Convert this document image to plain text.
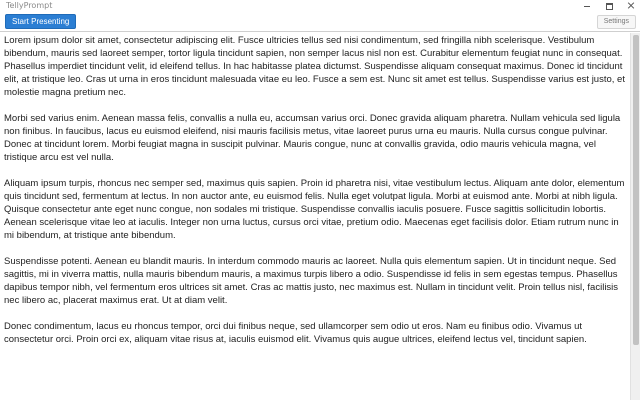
TellyPrompt
Start Presenting	Settings

Lorem ipsum dolor sit amet, consectetur adipiscing elit. Fusce ultricies tellus sed nisi condimentum, sed fringilla nibh scelerisque. Vestibulum bibendum, mauris sed laoreet semper, tortor ligula tincidunt sapien, non semper lacus nisl non est. Curabitur elementum feugiat nunc in consequat. Phasellus imperdiet tincidunt velit, id eleifend tellus. In hac habitasse platea dictumst. Suspendisse aliquam consequat maximus. Donec id tincidunt elit, at tristique leo. Cras ut urna in eros tincidunt malesuada vitae eu leo. Fusce a sem est. Nunc sit amet est tellus. Suspendisse varius est justo, et molestie magna pretium nec.

Morbi sed varius enim. Aenean massa felis, convallis a nulla eu, accumsan varius orci. Donec gravida aliquam pharetra. Nullam vehicula sed ligula non finibus. In faucibus, lacus eu euismod eleifend, nisi mauris facilisis metus, vitae laoreet purus urna eu mauris. Nulla cursus congue pulvinar. Donec at tincidunt lorem. Morbi feugiat magna in suscipit pulvinar. Mauris congue, nunc at convallis gravida, odio mauris vehicula magna, vel tristique arcu est vel nulla.

Aliquam ipsum turpis, rhoncus nec semper sed, maximus quis sapien. Proin id pharetra nisi, vitae vestibulum lectus. Aliquam ante dolor, elementum quis tincidunt sed, fermentum at lectus. In non auctor ante, eu euismod felis. Nulla eget volutpat ligula. Morbi at euismod ante. Morbi at nibh ligula. Quisque consectetur ante eget nunc congue, non sodales mi tristique. Suspendisse convallis iaculis posuere. Fusce sagittis sollicitudin lobortis. Aenean scelerisque vitae leo at iaculis. Integer non urna luctus, cursus orci vitae, pretium odio. Maecenas eget facilisis dolor. Etiam rutrum nunc in mi bibendum, at tristique ante bibendum.

Suspendisse potenti. Aenean eu blandit mauris. In interdum commodo mauris ac laoreet. Nulla quis elementum sapien. Ut in tincidunt neque. Sed sagittis, mi in viverra mattis, nulla mauris bibendum mauris, a maximus turpis libero a odio. Suspendisse id felis in sem egestas tempus. Phasellus dapibus tempor nibh, vel fermentum eros ultrices sit amet. Cras ac mattis justo, nec maximus est. Nullam in tincidunt velit. Proin tellus nisl, facilisis nec libero ac, placerat maximus erat. Ut at diam velit.

Donec condimentum, lacus eu rhoncus tempor, orci dui finibus neque, sed ullamcorper sem odio ut eros. Nam eu finibus odio. Vivamus ut consectetur orci. Proin orci ex, aliquam vitae risus at, iaculis euismod elit. Vivamus quis augue ultrices, eleifend lectus vel, tincidunt sapien.
